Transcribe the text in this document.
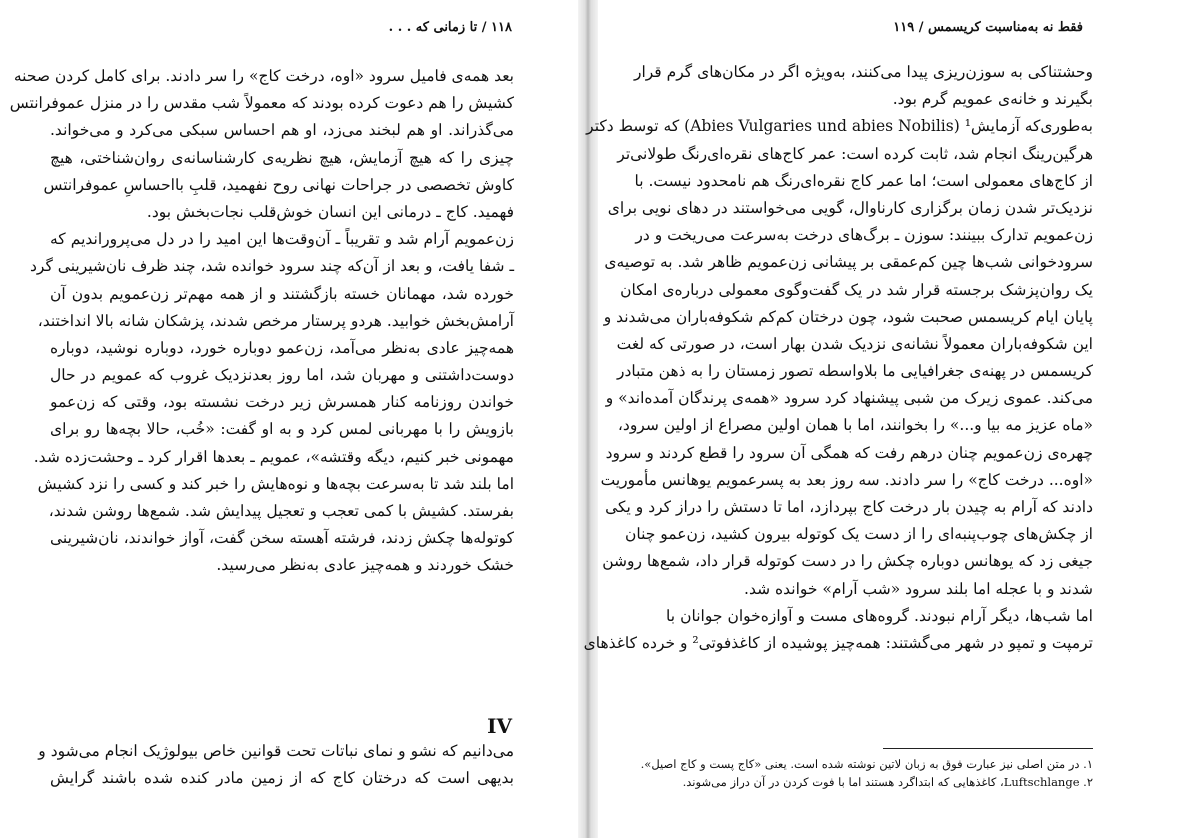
۱۱۸ / تا زمانی که . . .
بعد همه‌ی فامیل سرود «اوه، درخت کاج» را سر دادند. برای کامل کردن صحنه
کشیش را هم دعوت کرده بودند که معمولاً شب مقدس را در منزل عموفرانتس
می‌گذراند. او هم لبخند می‌زد، او هم احساس سبکی می‌کرد و می‌خواند.
چیزی را که هیچ آزمایش، هیچ نظریه‌ی کارشناسانه‌ی روان‌شناختی، هیچ
کاوش تخصصی در جراحات نهانی روح نفهمید، قلبِ بااحساسِ عموفرانتس
فهمید. کاج ـ درمانی این انسان خوش‌قلب نجات‌بخش بود.
زن‌عمویم آرام شد و تقریباً ـ آن‌وقت‌ها این امید را در دل می‌پروراندیم که
ـ شفا یافت، و بعد از آن‌که چند سرود خوانده شد، چند ظرف نان‌شیرینی گرد
خورده شد، مهمانان خسته بازگشتند و از همه مهم‌تر زن‌عمویم بدون آن
آرامش‌بخش خوابید. هردو پرستار مرخص شدند، پزشکان شانه بالا انداختند،
همه‌چیز عادی به‌نظر می‌آمد، زن‌عمو دوباره خورد، دوباره نوشید، دوباره
دوست‌داشتنی و مهربان شد، اما روز بعدنزدیک غروب که عمویم در حال
خواندن روزنامه کنار همسرش زیر درخت نشسته بود، وقتی که زن‌عمو
بازویش را با مهربانی لمس کرد و به او گفت: «خُب، حالا بچه‌ها رو برای
مهمونی خبر کنیم، دیگه وقتشه»، عمویم ـ بعدها اقرار کرد ـ وحشت‌زده شد.
اما بلند شد تا به‌سرعت بچه‌ها و نوه‌هایش را خبر کند و کسی را نزد کشیش
بفرستد. کشیش با کمی تعجب و تعجیل پیدایش شد. شمع‌ها روشن شدند،
کوتوله‌ها چکش زدند، فرشته آهسته سخن گفت، آواز خواندند، نان‌شیرینی
خشک خوردند و همه‌چیز عادی به‌نظر می‌رسید.
IV
می‌دانیم که نشو و نمای نباتات تحت قوانین خاص بیولوژیک انجام می‌شود و
بدیهی است که درختان کاج که از زمین مادر کنده شده باشند گرایش
فقط نه به‌مناسبت کریسمس / ۱۱۹
وحشتناکی به سوزن‌ریزی پیدا می‌کنند، به‌ویژه اگر در مکان‌های گرم قرار
بگیرند و خانه‌ی عمویم گرم بود.
به‌طوری‌که آزمایش¹ (Abies Vulgaries und abies Nobilis) که توسط دکتر
هرگین‌رینگ انجام شد، ثابت کرده است: عمر کاج‌های نقره‌ای‌رنگ طولانی‌تر
از کاج‌های معمولی است؛ اما عمر کاج نقره‌ای‌رنگ هم نامحدود نیست. با
نزدیک‌تر شدن زمان برگزاری کارناوال، گویی می‌خواستند در دهای نویی برای
زن‌عمویم تدارک ببینند: سوزن ـ برگ‌های درخت به‌سرعت می‌ریخت و در
سرودخوانی شب‌ها چین کم‌عمقی بر پیشانی زن‌عمویم ظاهر شد. به توصیه‌ی
یک روان‌پزشک برجسته قرار شد در یک گفت‌وگوی معمولی درباره‌ی امکان
پایان ایام کریسمس صحبت شود، چون درختان کم‌کم شکوفه‌باران می‌شدند و
این شکوفه‌باران معمولاً نشانه‌ی نزدیک شدن بهار است، در صورتی که لغت
کریسمس در پهنه‌ی جغرافیایی ما بلاواسطه تصور زمستان را به ذهن متبادر
می‌کند. عموی زیرک من شبی پیشنهاد کرد سرود «همه‌ی پرندگان آمده‌اند» و
«ماه عزیز مه بیا و...» را بخوانند، اما با همان اولین مصراع از اولین سرود،
چهره‌ی زن‌عمویم چنان درهم رفت که همگی آن سرود را قطع کردند و سرود
«اوه... درخت کاج» را سر دادند. سه روز بعد به پسرعمویم یوهانس مأموریت
دادند که آرام به چیدن بار درخت کاج بپردازد، اما تا دستش را دراز کرد و یکی
از چکش‌های چوب‌پنبه‌ای را از دست یک کوتوله بیرون کشید، زن‌عمو چنان
جیغی زد که یوهانس دوباره چکش را در دست کوتوله قرار داد، شمع‌ها روشن
شدند و با عجله اما بلند سرود «شب آرام» خوانده شد.
اما شب‌ها، دیگر آرام نبودند. گروه‌های مست و آوازه‌خوان جوانان با
ترمپت و تمپو در شهر می‌گشتند: همه‌چیز پوشیده از کاغذفوتی² و خرده کاغذهای
۱. در متن اصلی نیز عبارت فوق به زبان لاتین نوشته شده است. یعنی «کاج پست و کاج اصیل».
۲. Luftschlange، کاغذهایی که ابتداگرد هستند اما با فوت کردن در آن دراز می‌شوند.
